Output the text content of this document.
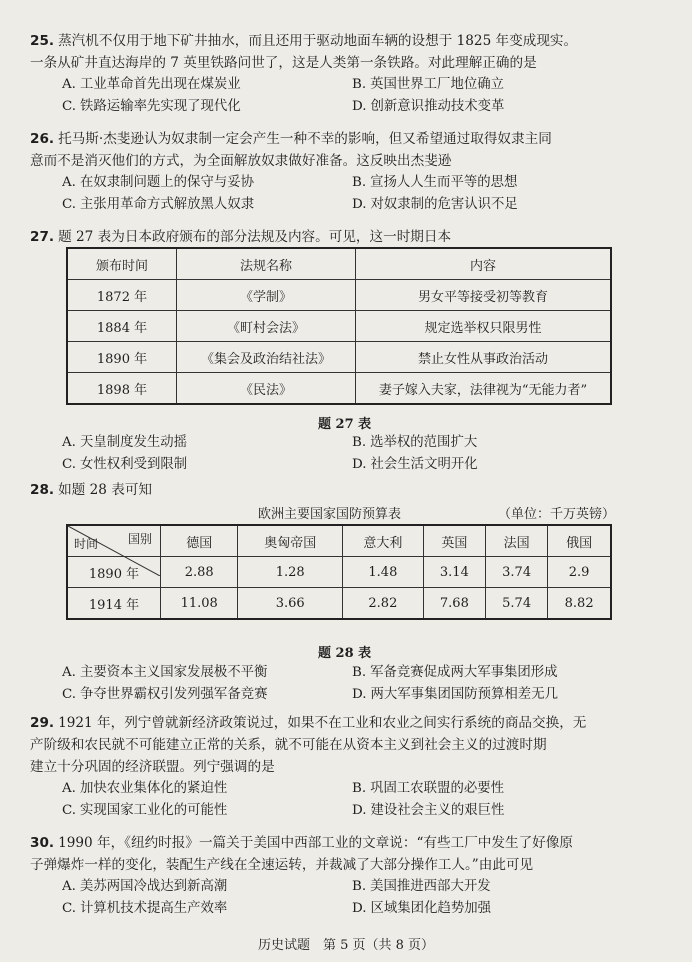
25. 蒸汽机不仅用于地下矿井抽水，而且还用于驱动地面车辆的设想于 1825 年变成现实。
一条从矿井直达海岸的 7 英里铁路问世了，这是人类第一条铁路。对此理解正确的是
A. 工业革命首先出现在煤炭业	B. 英国世界工厂地位确立
C. 铁路运输率先实现了现代化	D. 创新意识推动技术变革
26. 托马斯·杰斐逊认为奴隶制一定会产生一种不幸的影响，但又希望通过取得奴隶主同
意而不是消灭他们的方式，为全面解放奴隶做好准备。这反映出杰斐逊
A. 在奴隶制问题上的保守与妥协	B. 宣扬人人生而平等的思想
C. 主张用革命方式解放黑人奴隶	D. 对奴隶制的危害认识不足
27. 题 27 表为日本政府颁布的部分法规及内容。可见，这一时期日本
颁布时间	法规名称	内容
1872 年	《学制》	男女平等接受初等教育
1884 年	《町村会法》	规定选举权只限男性
1890 年	《集会及政治结社法》	禁止女性从事政治活动
1898 年	《民法》	妻子嫁入夫家，法律视为“无能力者”
题 27 表
A. 天皇制度发生动摇	B. 选举权的范围扩大
C. 女性权利受到限制	D. 社会生活文明开化
28. 如题 28 表可知
欧洲主要国家国防预算表	（单位：千万英镑）
国别
时间	德国	奥匈帝国	意大利	英国	法国	俄国
1890 年	2.88	1.28	1.48	3.14	3.74	2.9
1914 年	11.08	3.66	2.82	7.68	5.74	8.82
题 28 表
A. 主要资本主义国家发展极不平衡	B. 军备竞赛促成两大军事集团形成
C. 争夺世界霸权引发列强军备竞赛	D. 两大军事集团国防预算相差无几
29. 1921 年，列宁曾就新经济政策说过，如果不在工业和农业之间实行系统的商品交换，无
产阶级和农民就不可能建立正常的关系，就不可能在从资本主义到社会主义的过渡时期
建立十分巩固的经济联盟。列宁强调的是
A. 加快农业集体化的紧迫性	B. 巩固工农联盟的必要性
C. 实现国家工业化的可能性	D. 建设社会主义的艰巨性
30. 1990 年，《纽约时报》一篇关于美国中西部工业的文章说：“有些工厂中发生了好像原
子弹爆炸一样的变化，装配生产线在全速运转，并裁减了大部分操作工人。”由此可见
A. 美苏两国冷战达到新高潮	B. 美国推进西部大开发
C. 计算机技术提高生产效率	D. 区域集团化趋势加强
历史试题　第 5 页（共 8 页）
